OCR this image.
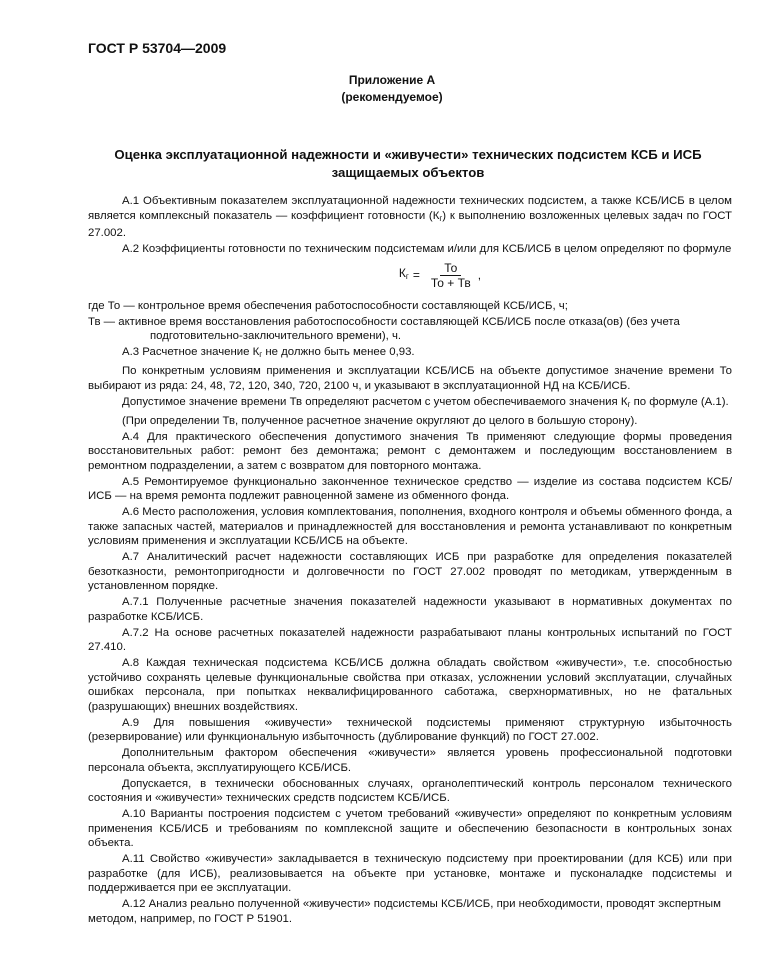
ГОСТ Р 53704—2009
Приложение А
(рекомендуемое)
Оценка эксплуатационной надежности и «живучести» технических подсистем КСБ и ИСБ
защищаемых объектов

А.1 Объективным показателем эксплуатационной надежности технических подсистем, а также КСБ/ИСБ в целом является комплексный показатель — коэффициент готовности $(К_г)$ к выполнению возложенных целевых задач по ГОСТ 27.002.

А.2 Коэффициенты готовности по техническим подсистемам и/или для КСБ/ИСБ в целом определяют по формуле

$К_г = \frac{То}{То + Тв}$ ,

где То — контрольное время обеспечения работоспособности составляющей КСБ/ИСБ, ч;

Тв — активное время восстановления работоспособности составляющей КСБ/ИСБ после отказа(ов) (без учета подготовительно-заключительного времени), ч.

А.3 Расчетное значение $К_г$ не должно быть менее 0,93.

По конкретным условиям применения и эксплуатации КСБ/ИСБ на объекте допустимое значение времени То выбирают из ряда: 24, 48, 72, 120, 340, 720, 2100 ч, и указывают в эксплуатационной НД на КСБ/ИСБ.

Допустимое значение времени Тв определяют расчетом с учетом обеспечиваемого значения $К_г$ по формуле (А.1).

(При определении Тв, полученное расчетное значение округляют до целого в большую сторону).

А.4 Для практического обеспечения допустимого значения Тв применяют следующие формы проведения восстановительных работ: ремонт без демонтажа; ремонт с демонтажем и последующим восстановлением в ремонтном подразделении, а затем с возвратом для повторного монтажа.

А.5 Ремонтируемое функционально законченное техническое средство — изделие из состава подсистем КСБ/ИСБ — на время ремонта подлежит равноценной замене из обменного фонда.

А.6 Место расположения, условия комплектования, пополнения, входного контроля и объемы обменного фонда, а также запасных частей, материалов и принадлежностей для восстановления и ремонта устанавливают по конкретным условиям применения и эксплуатации КСБ/ИСБ на объекте.

А.7 Аналитический расчет надежности составляющих ИСБ при разработке для определения показателей безотказности, ремонтопригодности и долговечности по ГОСТ 27.002 проводят по методикам, утвержденным в установленном порядке.

А.7.1 Полученные расчетные значения показателей надежности указывают в нормативных документах по разработке КСБ/ИСБ.

А.7.2 На основе расчетных показателей надежности разрабатывают планы контрольных испытаний по ГОСТ 27.410.

А.8 Каждая техническая подсистема КСБ/ИСБ должна обладать свойством «живучести», т.е. способностью устойчиво сохранять целевые функциональные свойства при отказах, усложнении условий эксплуатации, случайных ошибках персонала, при попытках неквалифицированного саботажа, сверхнормативных, но не фатальных (разрушающих) внешних воздействиях.

А.9 Для повышения «живучести» технической подсистемы применяют структурную избыточность (резервирование) или функциональную избыточность (дублирование функций) по ГОСТ 27.002.

Дополнительным фактором обеспечения «живучести» является уровень профессиональной подготовки персонала объекта, эксплуатирующего КСБ/ИСБ.

Допускается, в технически обоснованных случаях, органолептический контроль персоналом технического состояния и «живучести» технических средств подсистем КСБ/ИСБ.

А.10 Варианты построения подсистем с учетом требований «живучести» определяют по конкретным условиям применения КСБ/ИСБ и требованиям по комплексной защите и обеспечению безопасности в контрольных зонах объекта.

А.11 Свойство «живучести» закладывается в техническую подсистему при проектировании (для КСБ) или при разработке (для ИСБ), реализовывается на объекте при установке, монтаже и пусконаладке подсистемы и поддерживается при ее эксплуатации.

А.12 Анализ реально полученной «живучести» подсистемы КСБ/ИСБ, при необходимости, проводят экспертным методом, например, по ГОСТ Р 51901.
